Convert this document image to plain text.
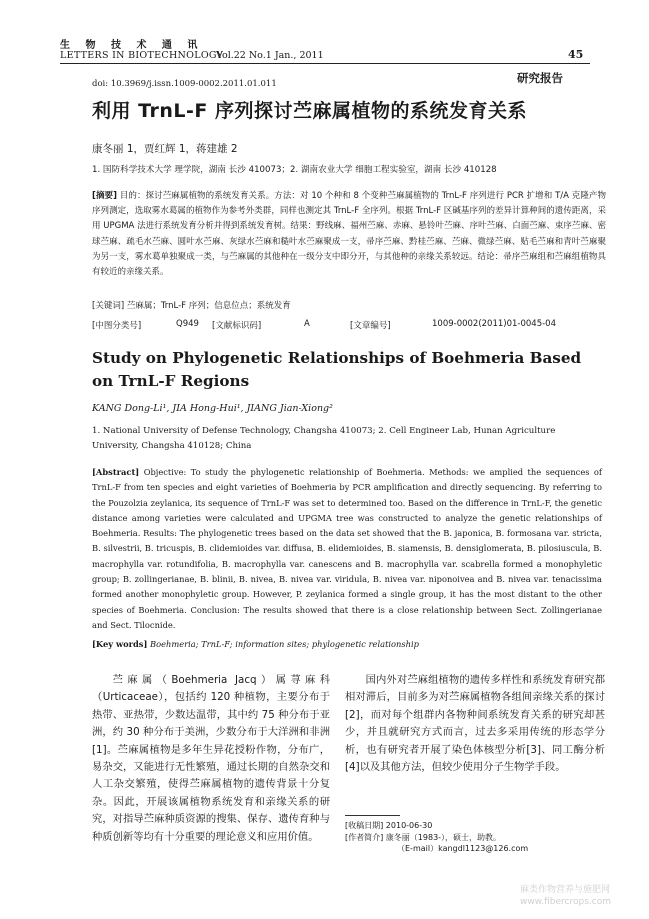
生 物 技 术 通 讯
LETTERS IN BIOTECHNOLOGY
Vol.22 No.1 Jan., 2011	45
doi: 10.3969/j.issn.1009-0002.2011.01.011	研究报告
利用 TrnL-F 序列探讨苎麻属植物的系统发育关系
康冬丽 1，贾红辉 1，蒋建雄 2
1. 国防科学技术大学 理学院，湖南 长沙 410073；2. 湖南农业大学 细胞工程实验室，湖南 长沙 410128
[摘要] 目的：探讨苎麻属植物的系统发育关系。方法：对 10 个种和 8 个变种苎麻属植物的 TrnL-F 序列进行 PCR 扩增和 T/A 克隆产物序列测定，选取雾水葛属的植物作为参考外类群，同样也测定其 TrnL-F 全序列。根据 TrnL-F 区碱基序列的差异计算种间的遗传距离，采用 UPGMA 法进行系统发育分析并得到系统发育树。结果：野线麻、福州苎麻、赤麻、悬铃叶苎麻、序叶苎麻、白面苎麻、束序苎麻、密球苎麻、疏毛水苎麻、圆叶水苎麻、灰绿水苎麻和糙叶水苎麻聚成一支，帚序苎麻、黔桂苎麻、苎麻、微绿苎麻、贴毛苎麻和青叶苎麻聚为另一支，雾水葛单独聚成一类，与苎麻属的其他种在一级分支中即分开，与其他种的亲缘关系较远。结论：帚序苎麻组和苎麻组植物具有较近的亲缘关系。
[关键词] 苎麻属；TrnL-F 序列；信息位点；系统发育
[中图分类号]	Q949 [文献标识码]	A	[文章编号]	1009-0002(2011)01-0045-04
Study on Phylogenetic Relationships of Boehmeria Based on TrnL-F Regions
KANG Dong-Li¹, JIA Hong-Hui¹, JIANG Jian-Xiong²
1. National University of Defense Technology, Changsha 410073; 2. Cell Engineer Lab, Hunan Agriculture University, Changsha 410128; China
[Abstract] Objective: To study the phylogenetic relationship of Boehmeria. Methods: we amplied the sequences of TrnL-F from ten species and eight varieties of Boehmeria by PCR amplification and directly sequencing. By referring to the Pouzolzia zeylanica, its sequence of TrnL-F was set to determined too. Based on the difference in TrnL-F, the genetic distance among varieties were calculated and UPGMA tree was constructed to analyze the genetic relationships of Boehmeria. Results: The phylogenetic trees based on the data set showed that the B. japonica, B. formosana var. stricta, B. silvestrii, B. tricuspis, B. clidemioides var. diffusa, B. elidemioides, B. siamensis, B. densiglomerata, B. pilosiuscula, B. macrophylla var. rotundifolia, B. macrophylla var. canescens and B. macrophylla var. scabrella formed a monophyletic group; B. zollingerianae, B. blinii, B. nivea, B. nivea var. viridula, B. nivea var. niponoivea and B. nivea var. tenacissima formed another monophyletic group. However, P. zeylanica formed a single group, it has the most distant to the other species of Boehmeria. Conclusion: The results showed that there is a close relationship between Sect. Zollingerianae and Sect. Tilocnide.
[Key words] Boehmeria; TrnL-F; information sites; phylogenetic relationship
苎麻属（Boehmeria Jacq）属荨麻科（Urticaceae），包括约 120 种植物，主要分布于热带、亚热带，少数达温带，其中约 75 种分布于亚洲，约 30 种分布于美洲，少数分布于大洋洲和非洲[1]。苎麻属植物是多年生异花授粉作物，分布广，易杂交，又能进行无性繁殖，通过长期的自然杂交和人工杂交繁殖，使得苎麻属植物的遗传背景十分复杂。因此，开展该属植物系统发育和亲缘关系的研究，对指导苎麻种质资源的搜集、保存、遗传育种与种质创新等均有十分重要的理论意义和应用价值。
国内外对苎麻组植物的遗传多样性和系统发育研究都相对滞后，目前多为对苎麻属植物各组间亲缘关系的探讨[2]，而对每个组群内各物种间系统发育关系的研究却甚少，并且就研究方式而言，过去多采用传统的形态学分析，也有研究者开展了染色体核型分析[3]、同工酶分析[4]以及其他方法，但较少使用分子生物学手段。
[收稿日期] 2010-06-30
[作者简介] 康冬丽（1983-），硕士，助教。
（E-mail）kangdl1123@126.com
麻类作物营养与施肥网
www.fibercrops.com
